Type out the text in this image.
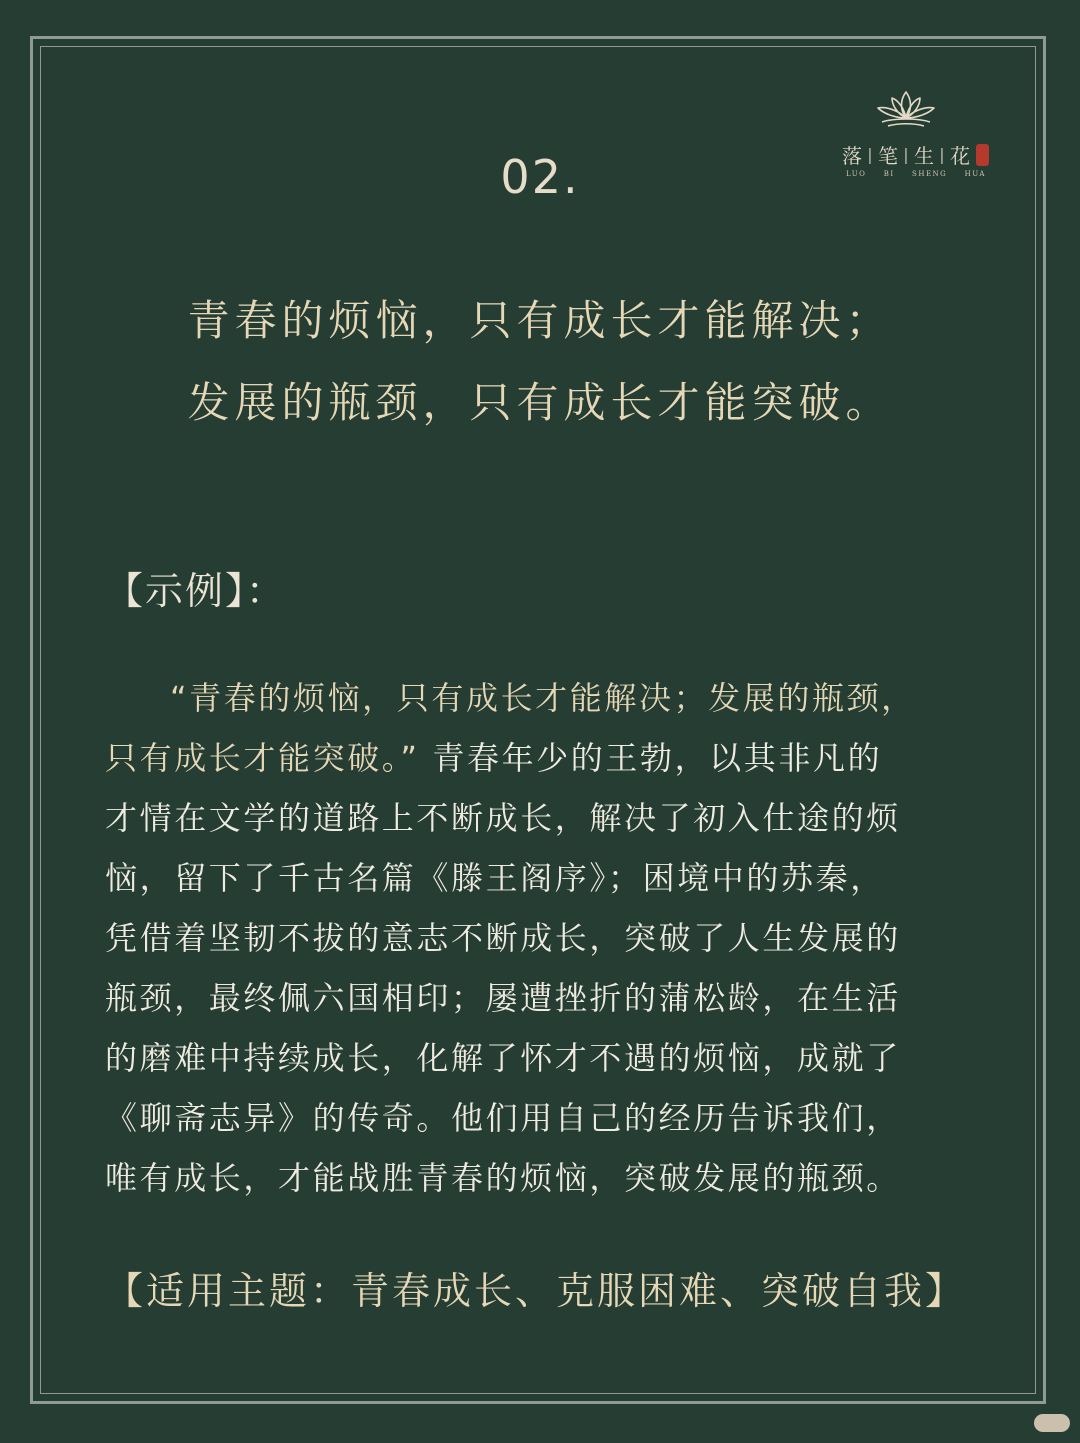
落 | 笔 | 生 | 花
LUO BI SHENG HUA
02.
青春的烦恼，只有成长才能解决；
发展的瓶颈，只有成长才能突破。
【示例】：
“青春的烦恼，只有成长才能解决；发展的瓶颈，
只有成长才能突破。” 青春年少的王勃，以其非凡的
才情在文学的道路上不断成长，解决了初入仕途的烦
恼，留下了千古名篇《滕王阁序》；困境中的苏秦，
凭借着坚韧不拔的意志不断成长，突破了人生发展的
瓶颈，最终佩六国相印；屡遭挫折的蒲松龄，在生活
的磨难中持续成长，化解了怀才不遇的烦恼，成就了
《聊斋志异》的传奇。他们用自己的经历告诉我们，
唯有成长，才能战胜青春的烦恼，突破发展的瓶颈。
【适用主题：青春成长、克服困难、突破自我】
